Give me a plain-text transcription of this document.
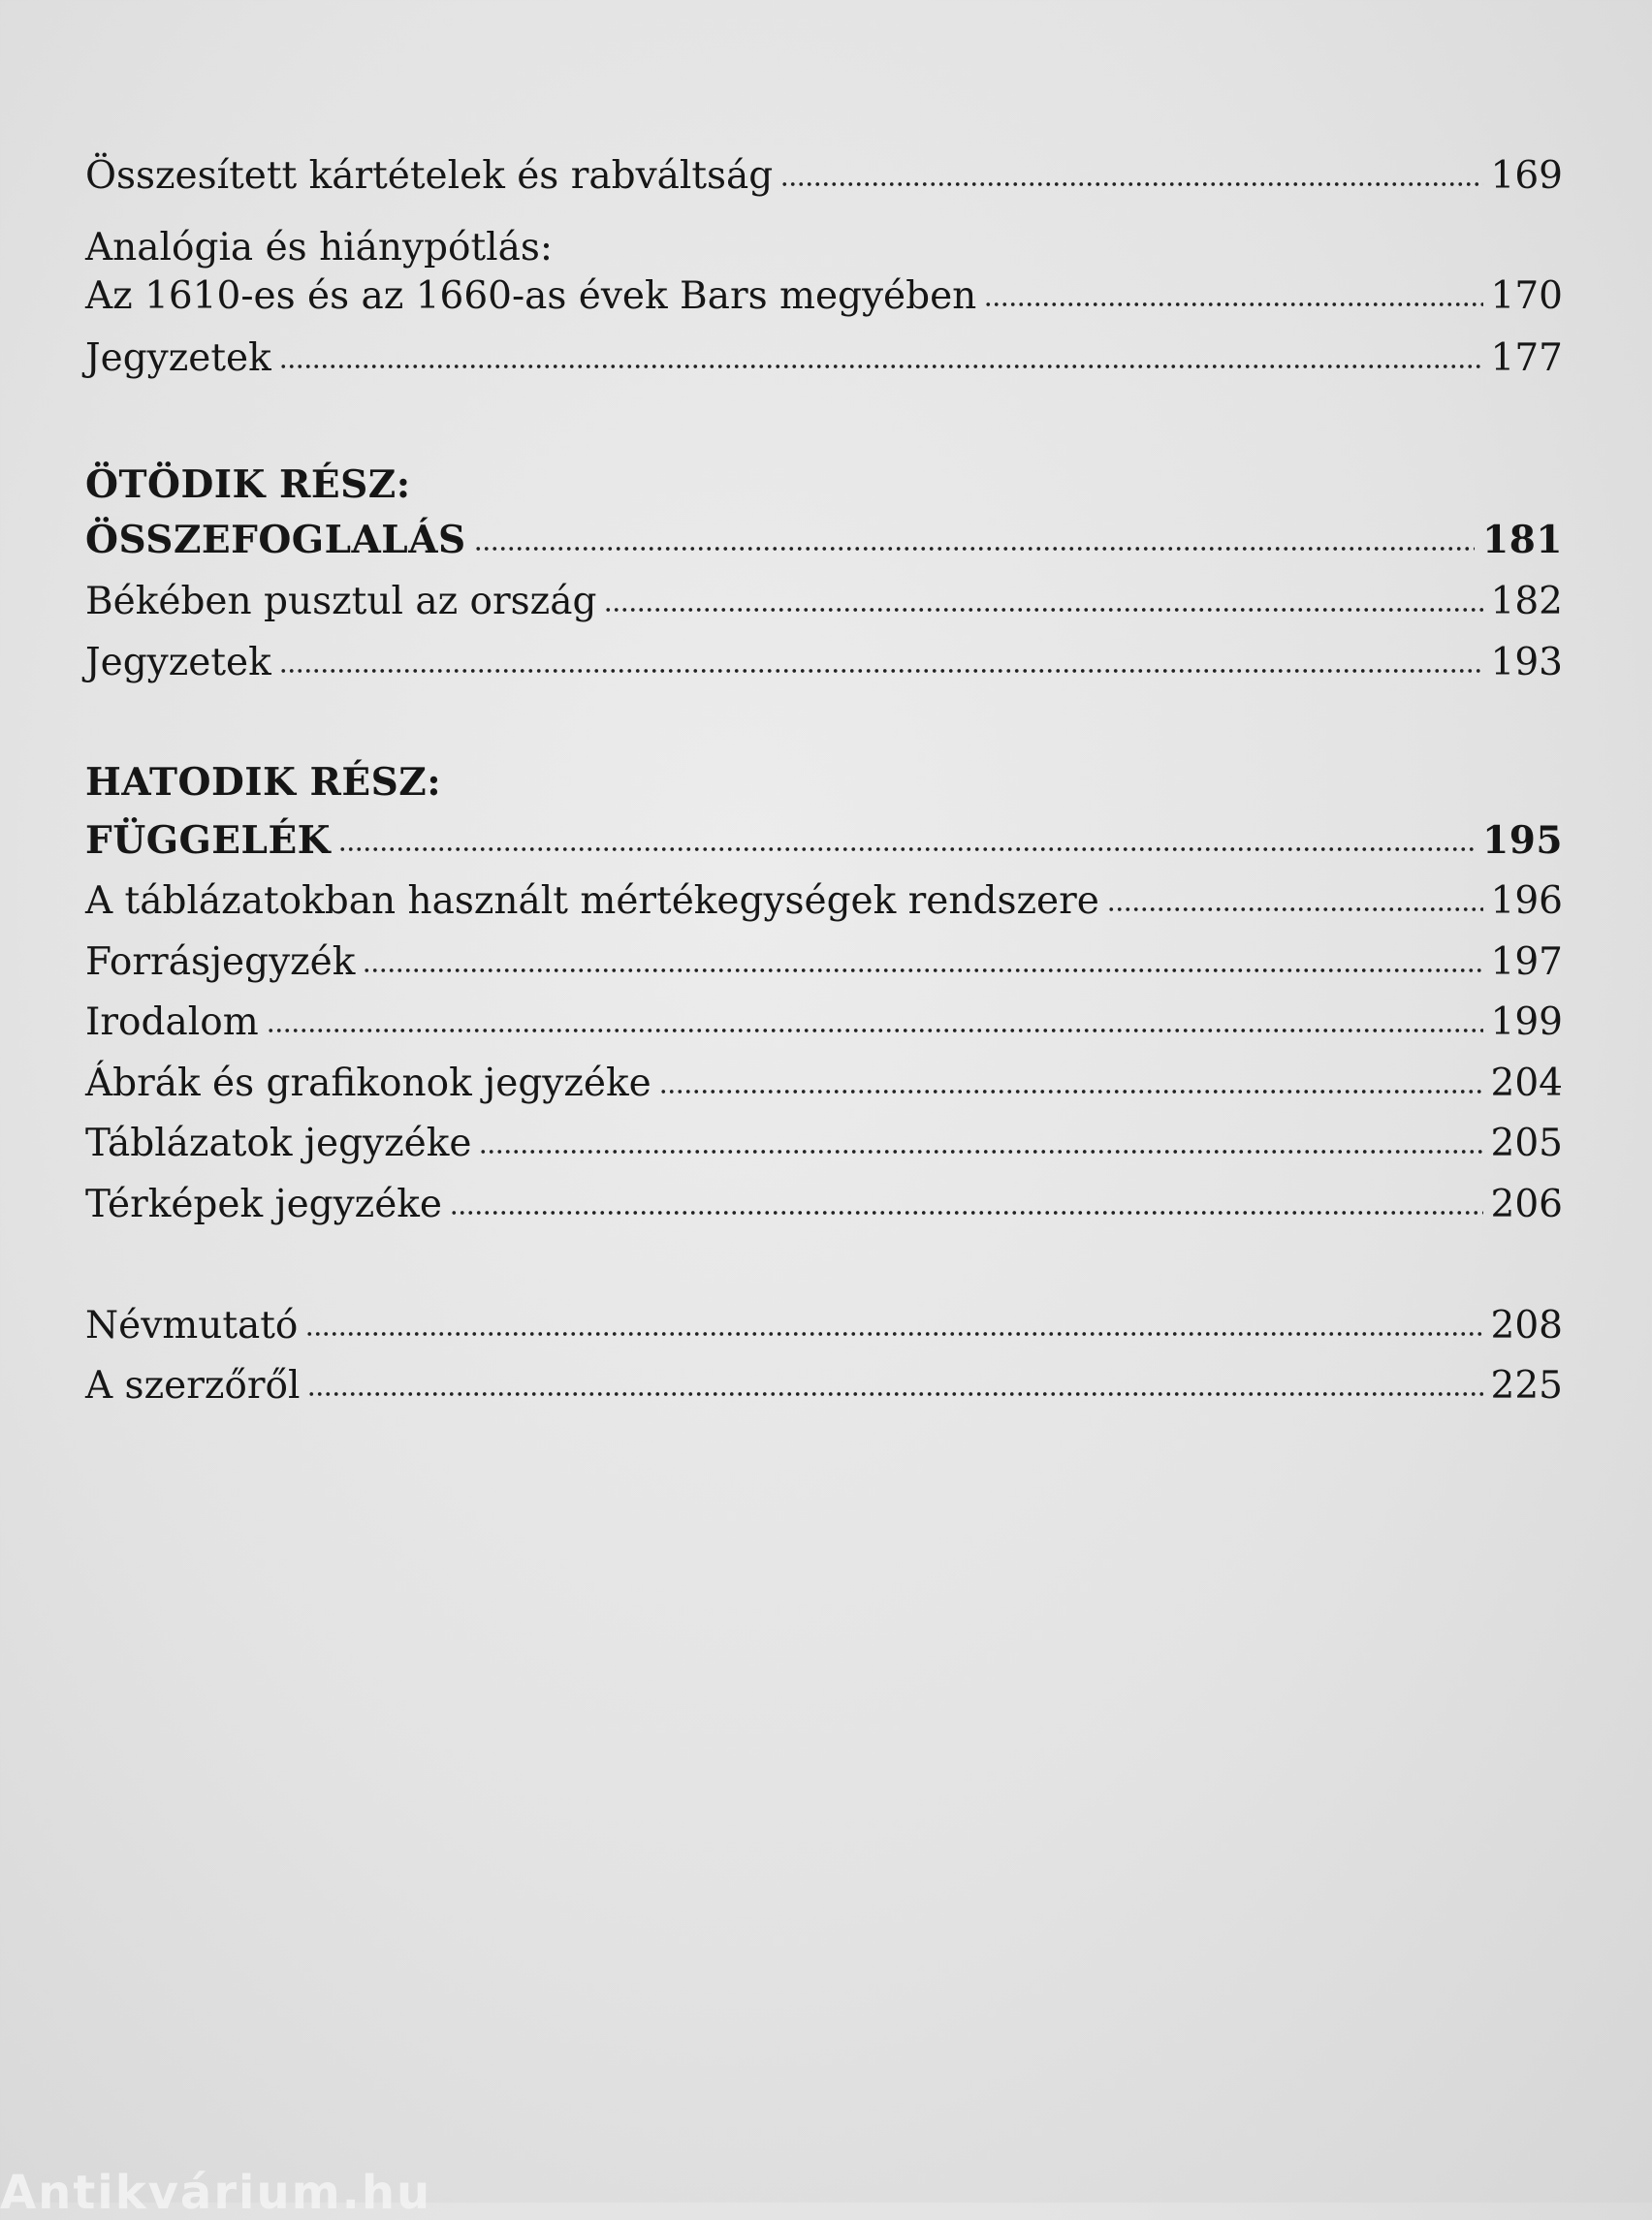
Összesített kártételek és rabváltság	169
Analógia és hiánypótlás:
Az 1610-es és az 1660-as évek Bars megyében	170
Jegyzetek	177
ÖTÖDIK RÉSZ:
ÖSSZEFOGLALÁS	181
Békében pusztul az ország	182
Jegyzetek	193
HATODIK RÉSZ:
FÜGGELÉK	195
A táblázatokban használt mértékegységek rendszere	196
Forrásjegyzék	197
Irodalom	199
Ábrák és grafikonok jegyzéke	204
Táblázatok jegyzéke	205
Térképek jegyzéke	206
Névmutató	208
A szerzőről	225
Antikvárium.hu
